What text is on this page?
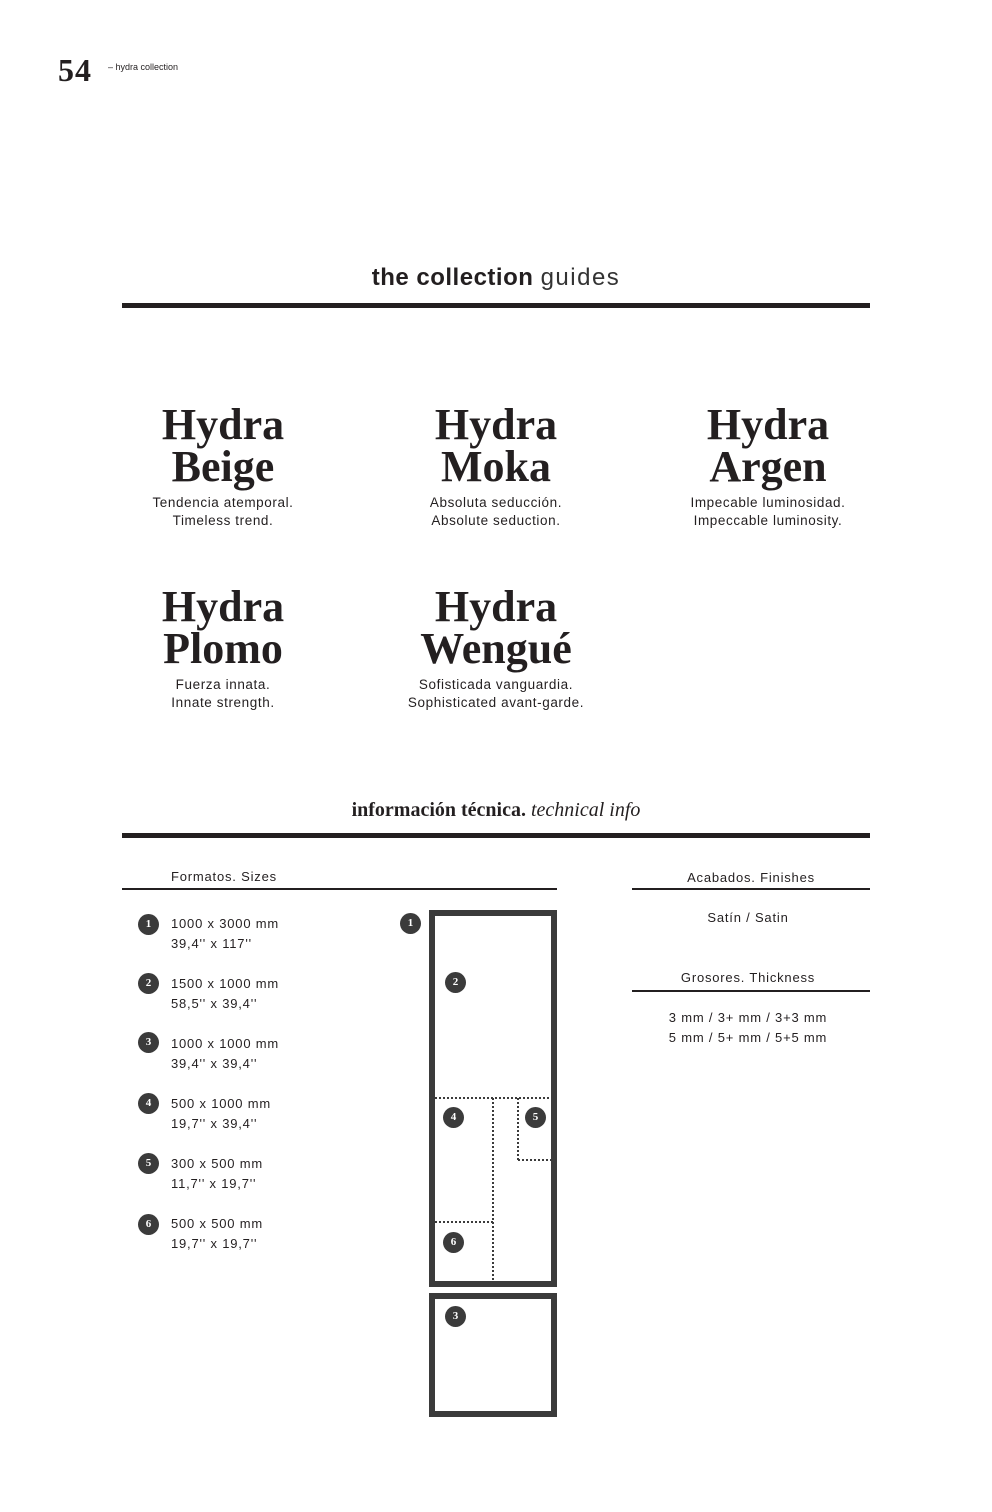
54 – hydra collection
the collection guides
Hydra
Beige
Tendencia atemporal.
Timeless trend.
Hydra
Moka
Absoluta seducción.
Absolute seduction.
Hydra
Argen
Impecable luminosidad.
Impeccable luminosity.
Hydra
Plomo
Fuerza innata.
Innate strength.
Hydra
Wengué
Sofisticada vanguardia.
Sophisticated avant-garde.
información técnica. technical info
Formatos. Sizes
1	1000 x 3000 mm
39,4'' x 117''
2	1500 x 1000 mm
58,5'' x 39,4''
3	1000 x 1000 mm
39,4'' x 39,4''
4	500 x 1000 mm
19,7'' x 39,4''
5	300 x 500 mm
11,7'' x 19,7''
6	500 x 500 mm
19,7'' x 19,7''
1
2
4	5
6
3
Acabados. Finishes
Satín / Satin
Grosores. Thickness
3 mm / 3+ mm / 3+3 mm
5 mm / 5+ mm / 5+5 mm
